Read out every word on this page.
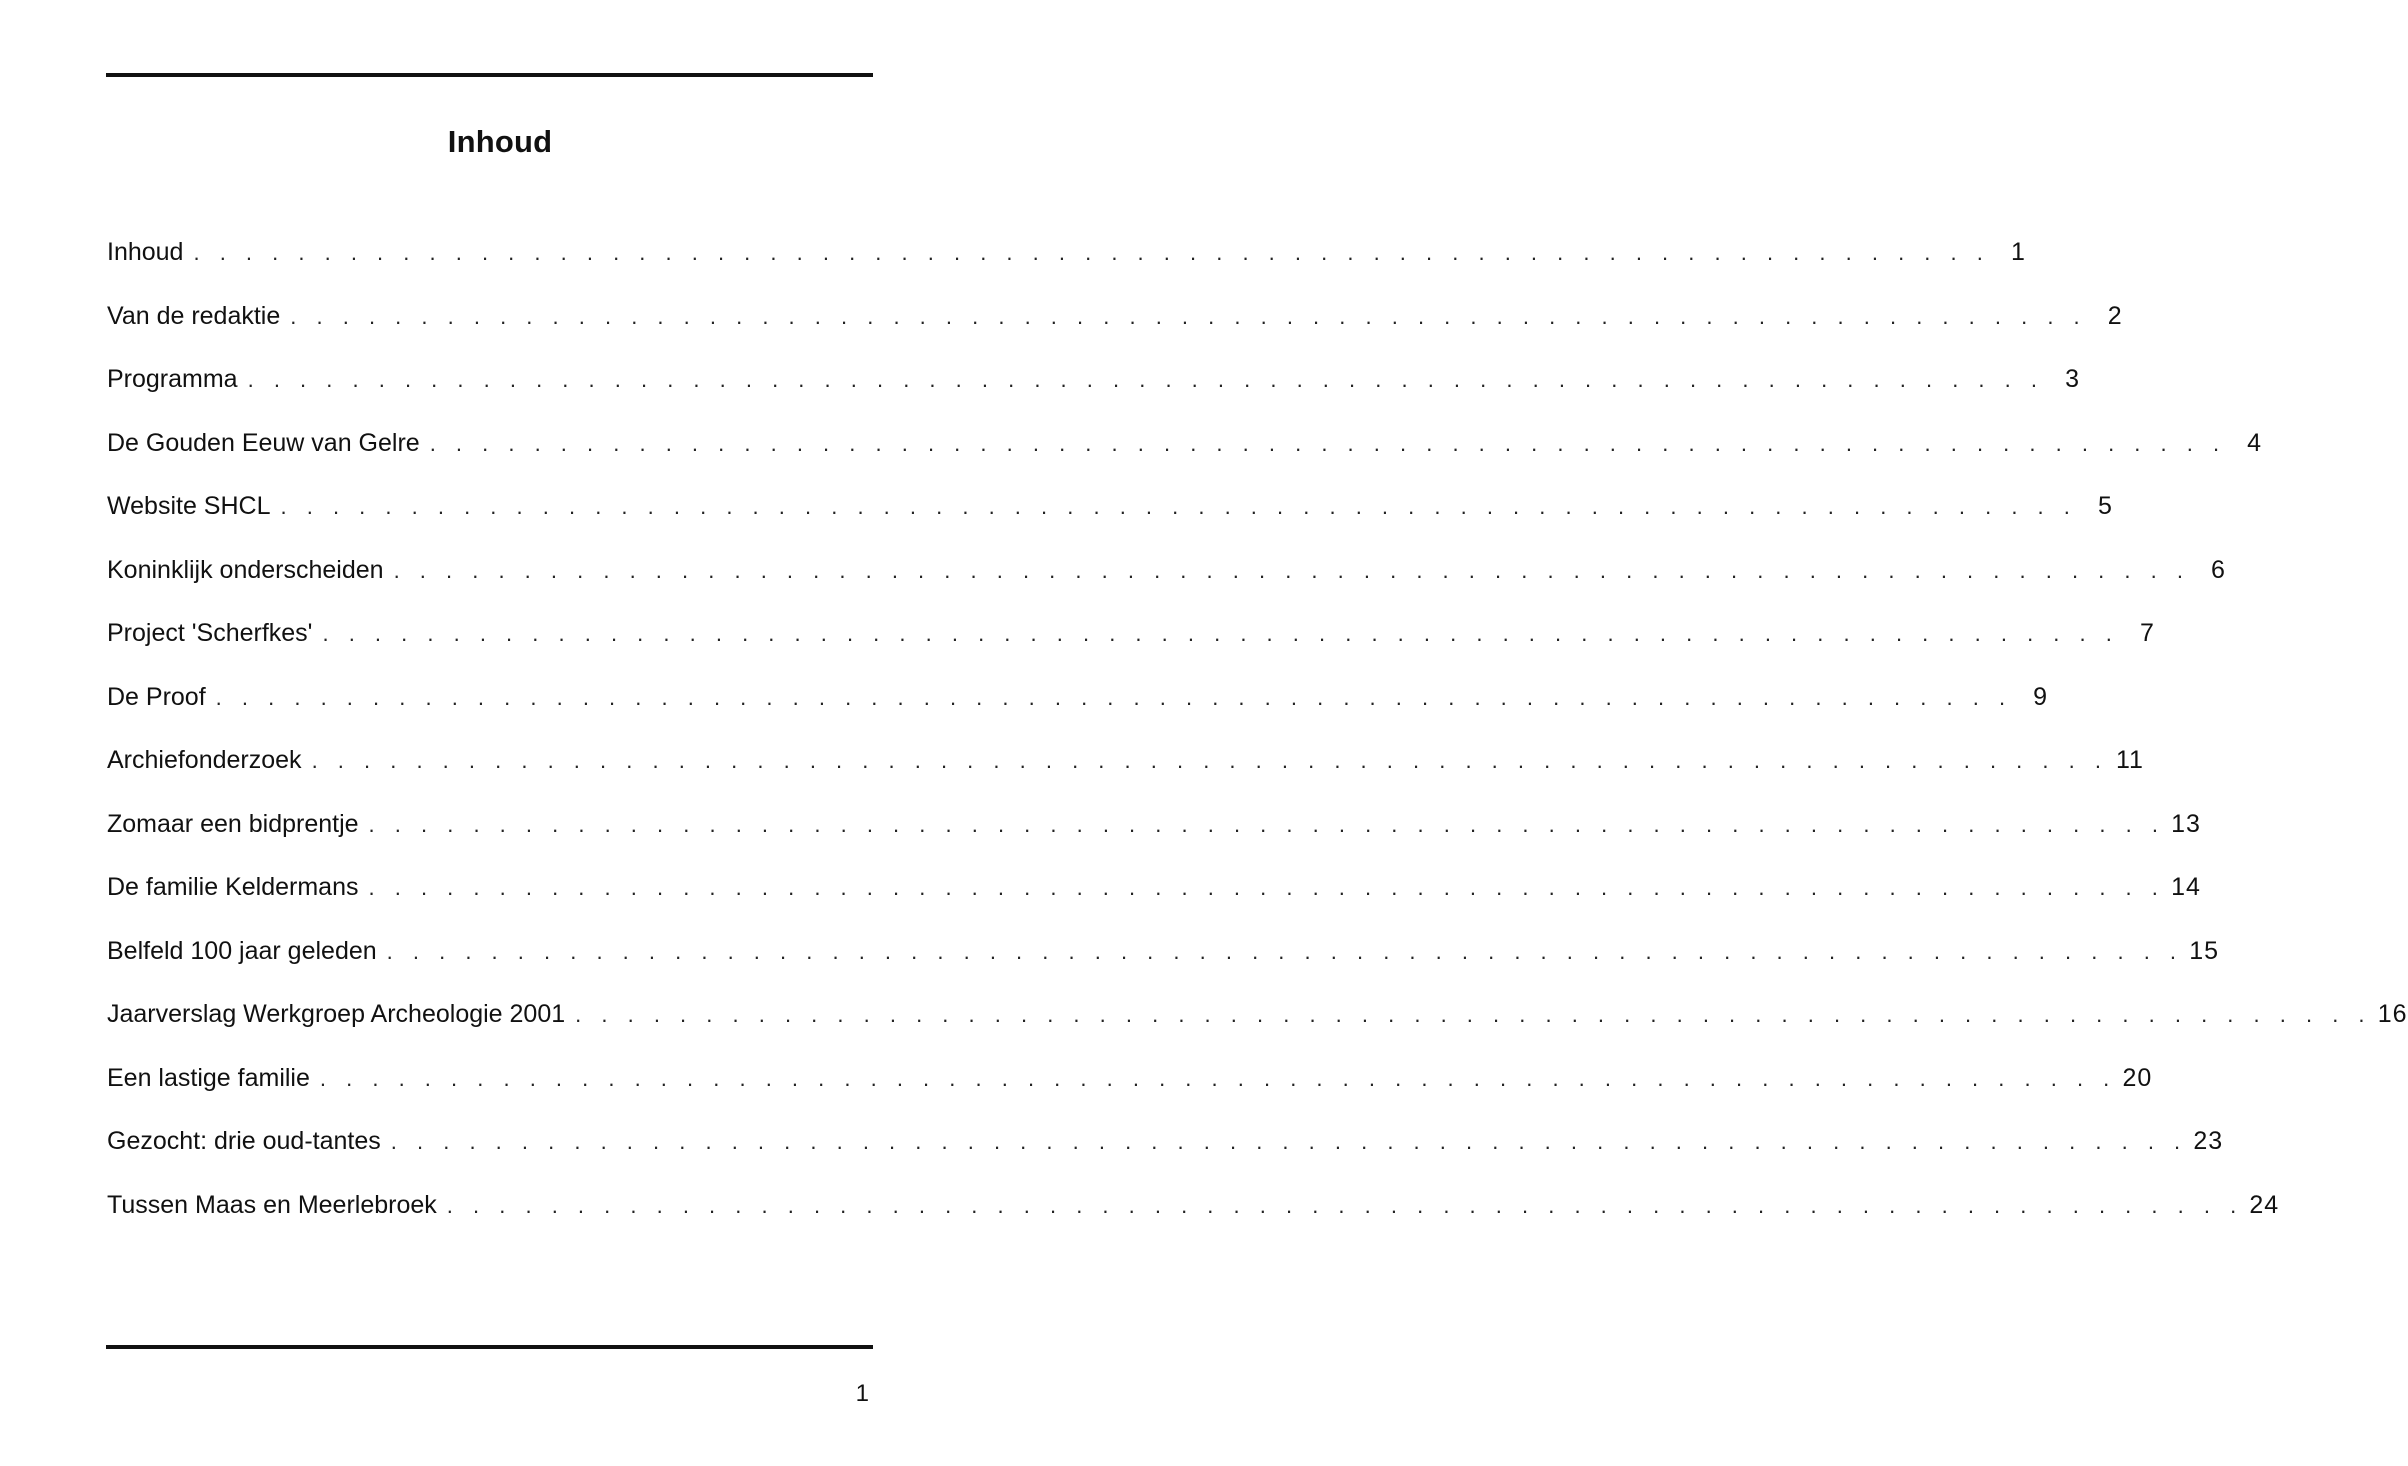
Inhoud
Inhoud . . . . . . . . . . . . . . . . . . . . . . . . . . . . . . . . . . . . . . . . . . . . . . . . . . . . . . . . . . . . . . . . . . . . . 1
Van de redaktie . . . . . . . . . . . . . . . . . . . . . . . . . . . . . . . . . . . . . . . . . . . . . . . . . . . . . . . . . . . . . . . . . . . . . 2
Programma . . . . . . . . . . . . . . . . . . . . . . . . . . . . . . . . . . . . . . . . . . . . . . . . . . . . . . . . . . . . . . . . . . . . . 3
De Gouden Eeuw van Gelre . . . . . . . . . . . . . . . . . . . . . . . . . . . . . . . . . . . . . . . . . . . . . . . . . . . . . . . . . . . . . . . . . . . . . 4
Website SHCL . . . . . . . . . . . . . . . . . . . . . . . . . . . . . . . . . . . . . . . . . . . . . . . . . . . . . . . . . . . . . . . . . . . . . 5
Koninklijk onderscheiden . . . . . . . . . . . . . . . . . . . . . . . . . . . . . . . . . . . . . . . . . . . . . . . . . . . . . . . . . . . . . . . . . . . . . 6
Project 'Scherfkes' . . . . . . . . . . . . . . . . . . . . . . . . . . . . . . . . . . . . . . . . . . . . . . . . . . . . . . . . . . . . . . . . . . . . . 7
De Proof . . . . . . . . . . . . . . . . . . . . . . . . . . . . . . . . . . . . . . . . . . . . . . . . . . . . . . . . . . . . . . . . . . . . . 9
Archiefonderzoek . . . . . . . . . . . . . . . . . . . . . . . . . . . . . . . . . . . . . . . . . . . . . . . . . . . . . . . . . . . . . . . . . . . . . 11
Zomaar een bidprentje . . . . . . . . . . . . . . . . . . . . . . . . . . . . . . . . . . . . . . . . . . . . . . . . . . . . . . . . . . . . . . . . . . . . . 13
De familie Keldermans . . . . . . . . . . . . . . . . . . . . . . . . . . . . . . . . . . . . . . . . . . . . . . . . . . . . . . . . . . . . . . . . . . . . . 14
Belfeld 100 jaar geleden . . . . . . . . . . . . . . . . . . . . . . . . . . . . . . . . . . . . . . . . . . . . . . . . . . . . . . . . . . . . . . . . . . . . . 15
Jaarverslag Werkgroep Archeologie 2001 . . . . . . . . . . . . . . . . . . . . . . . . . . . . . . . . . . . . . . . . . . . . . . . . . . . . . . . . . . . . . . . . . . . . . 16
Een lastige familie . . . . . . . . . . . . . . . . . . . . . . . . . . . . . . . . . . . . . . . . . . . . . . . . . . . . . . . . . . . . . . . . . . . . . 20
Gezocht: drie oud-tantes . . . . . . . . . . . . . . . . . . . . . . . . . . . . . . . . . . . . . . . . . . . . . . . . . . . . . . . . . . . . . . . . . . . . . 23
Tussen Maas en Meerlebroek . . . . . . . . . . . . . . . . . . . . . . . . . . . . . . . . . . . . . . . . . . . . . . . . . . . . . . . . . . . . . . . . . . . . . 24
1
